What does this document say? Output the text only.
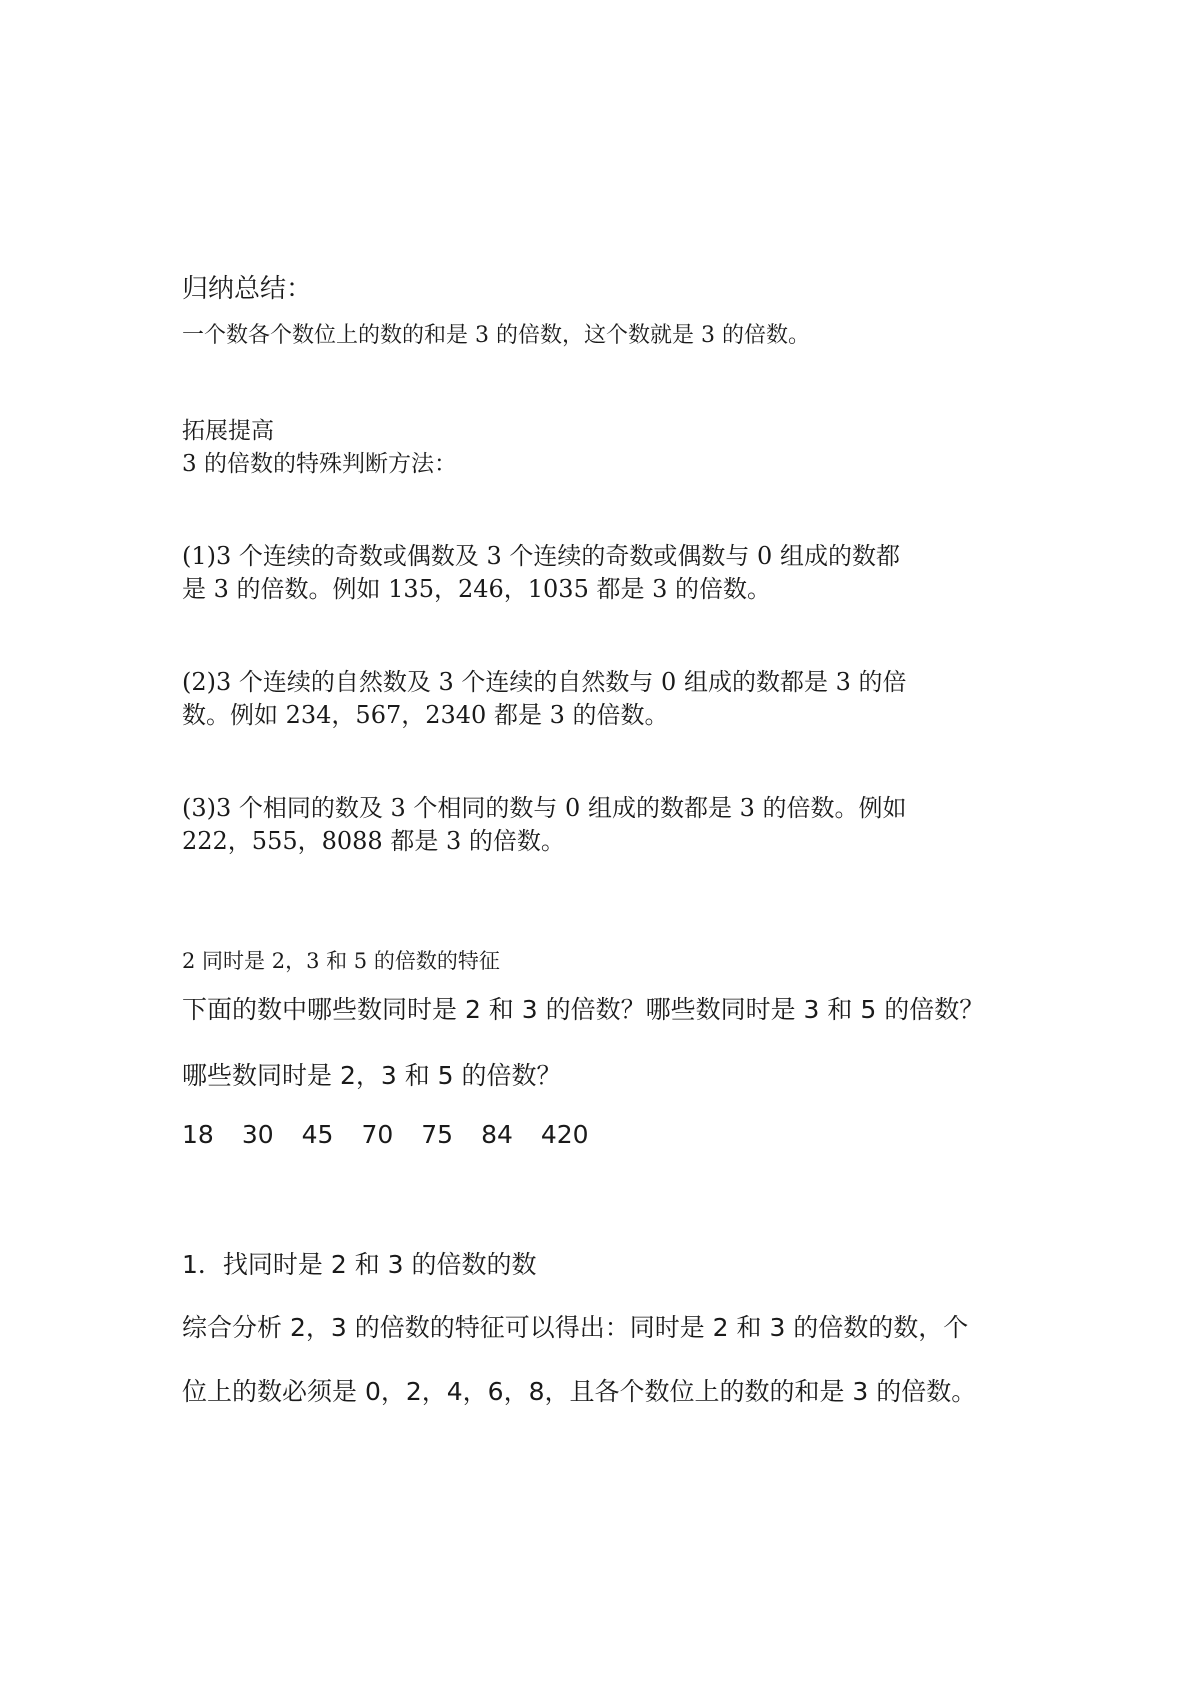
归纳总结：

一个数各个数位上的数的和是 3 的倍数，这个数就是 3 的倍数。

拓展提高

3 的倍数的特殊判断方法：

(1)3 个连续的奇数或偶数及 3 个连续的奇数或偶数与 0 组成的数都

是 3 的倍数。例如 135，246，1035 都是 3 的倍数。

(2)3 个连续的自然数及 3 个连续的自然数与 0 组成的数都是 3 的倍

数。例如 234，567，2340 都是 3 的倍数。

(3)3 个相同的数及 3 个相同的数与 0 组成的数都是 3 的倍数。例如

222，555，8088 都是 3 的倍数。

2 同时是 2，3 和 5 的倍数的特征

下面的数中哪些数同时是 2 和 3 的倍数？哪些数同时是 3 和 5 的倍数？

哪些数同时是 2，3 和 5 的倍数？

18 30 45 70 75 84 420

1．找同时是 2 和 3 的倍数的数

综合分析 2，3 的倍数的特征可以得出：同时是 2 和 3 的倍数的数，个

位上的数必须是 0，2，4，6，8，且各个数位上的数的和是 3 的倍数。
